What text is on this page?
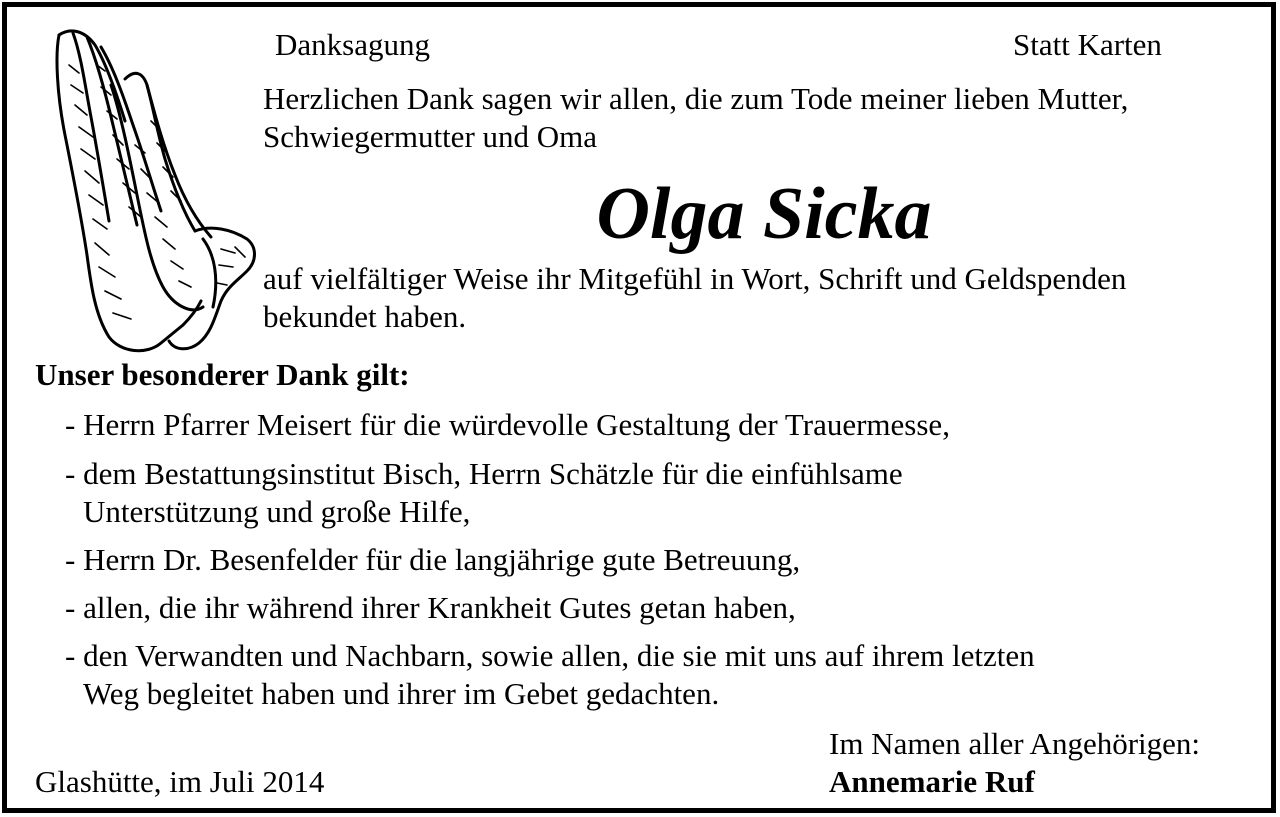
Danksagung	Statt Karten
Herzlichen Dank sagen wir allen, die zum Tode meiner lieben Mutter,
Schwiegermutter und Oma
Olga Sicka
auf vielfältiger Weise ihr Mitgefühl in Wort, Schrift und Geldspenden
bekundet haben.
Unser besonderer Dank gilt:
- Herrn Pfarrer Meisert für die würdevolle Gestaltung der Trauermesse,
- dem Bestattungsinstitut Bisch, Herrn Schätzle für die einfühlsame
Unterstützung und große Hilfe,
- Herrn Dr. Besenfelder für die langjährige gute Betreuung,
- allen, die ihr während ihrer Krankheit Gutes getan haben,
- den Verwandten und Nachbarn, sowie allen, die sie mit uns auf ihrem letzten
Weg begleitet haben und ihrer im Gebet gedachten.
Im Namen aller Angehörigen:
Glashütte, im Juli 2014	Annemarie Ruf
